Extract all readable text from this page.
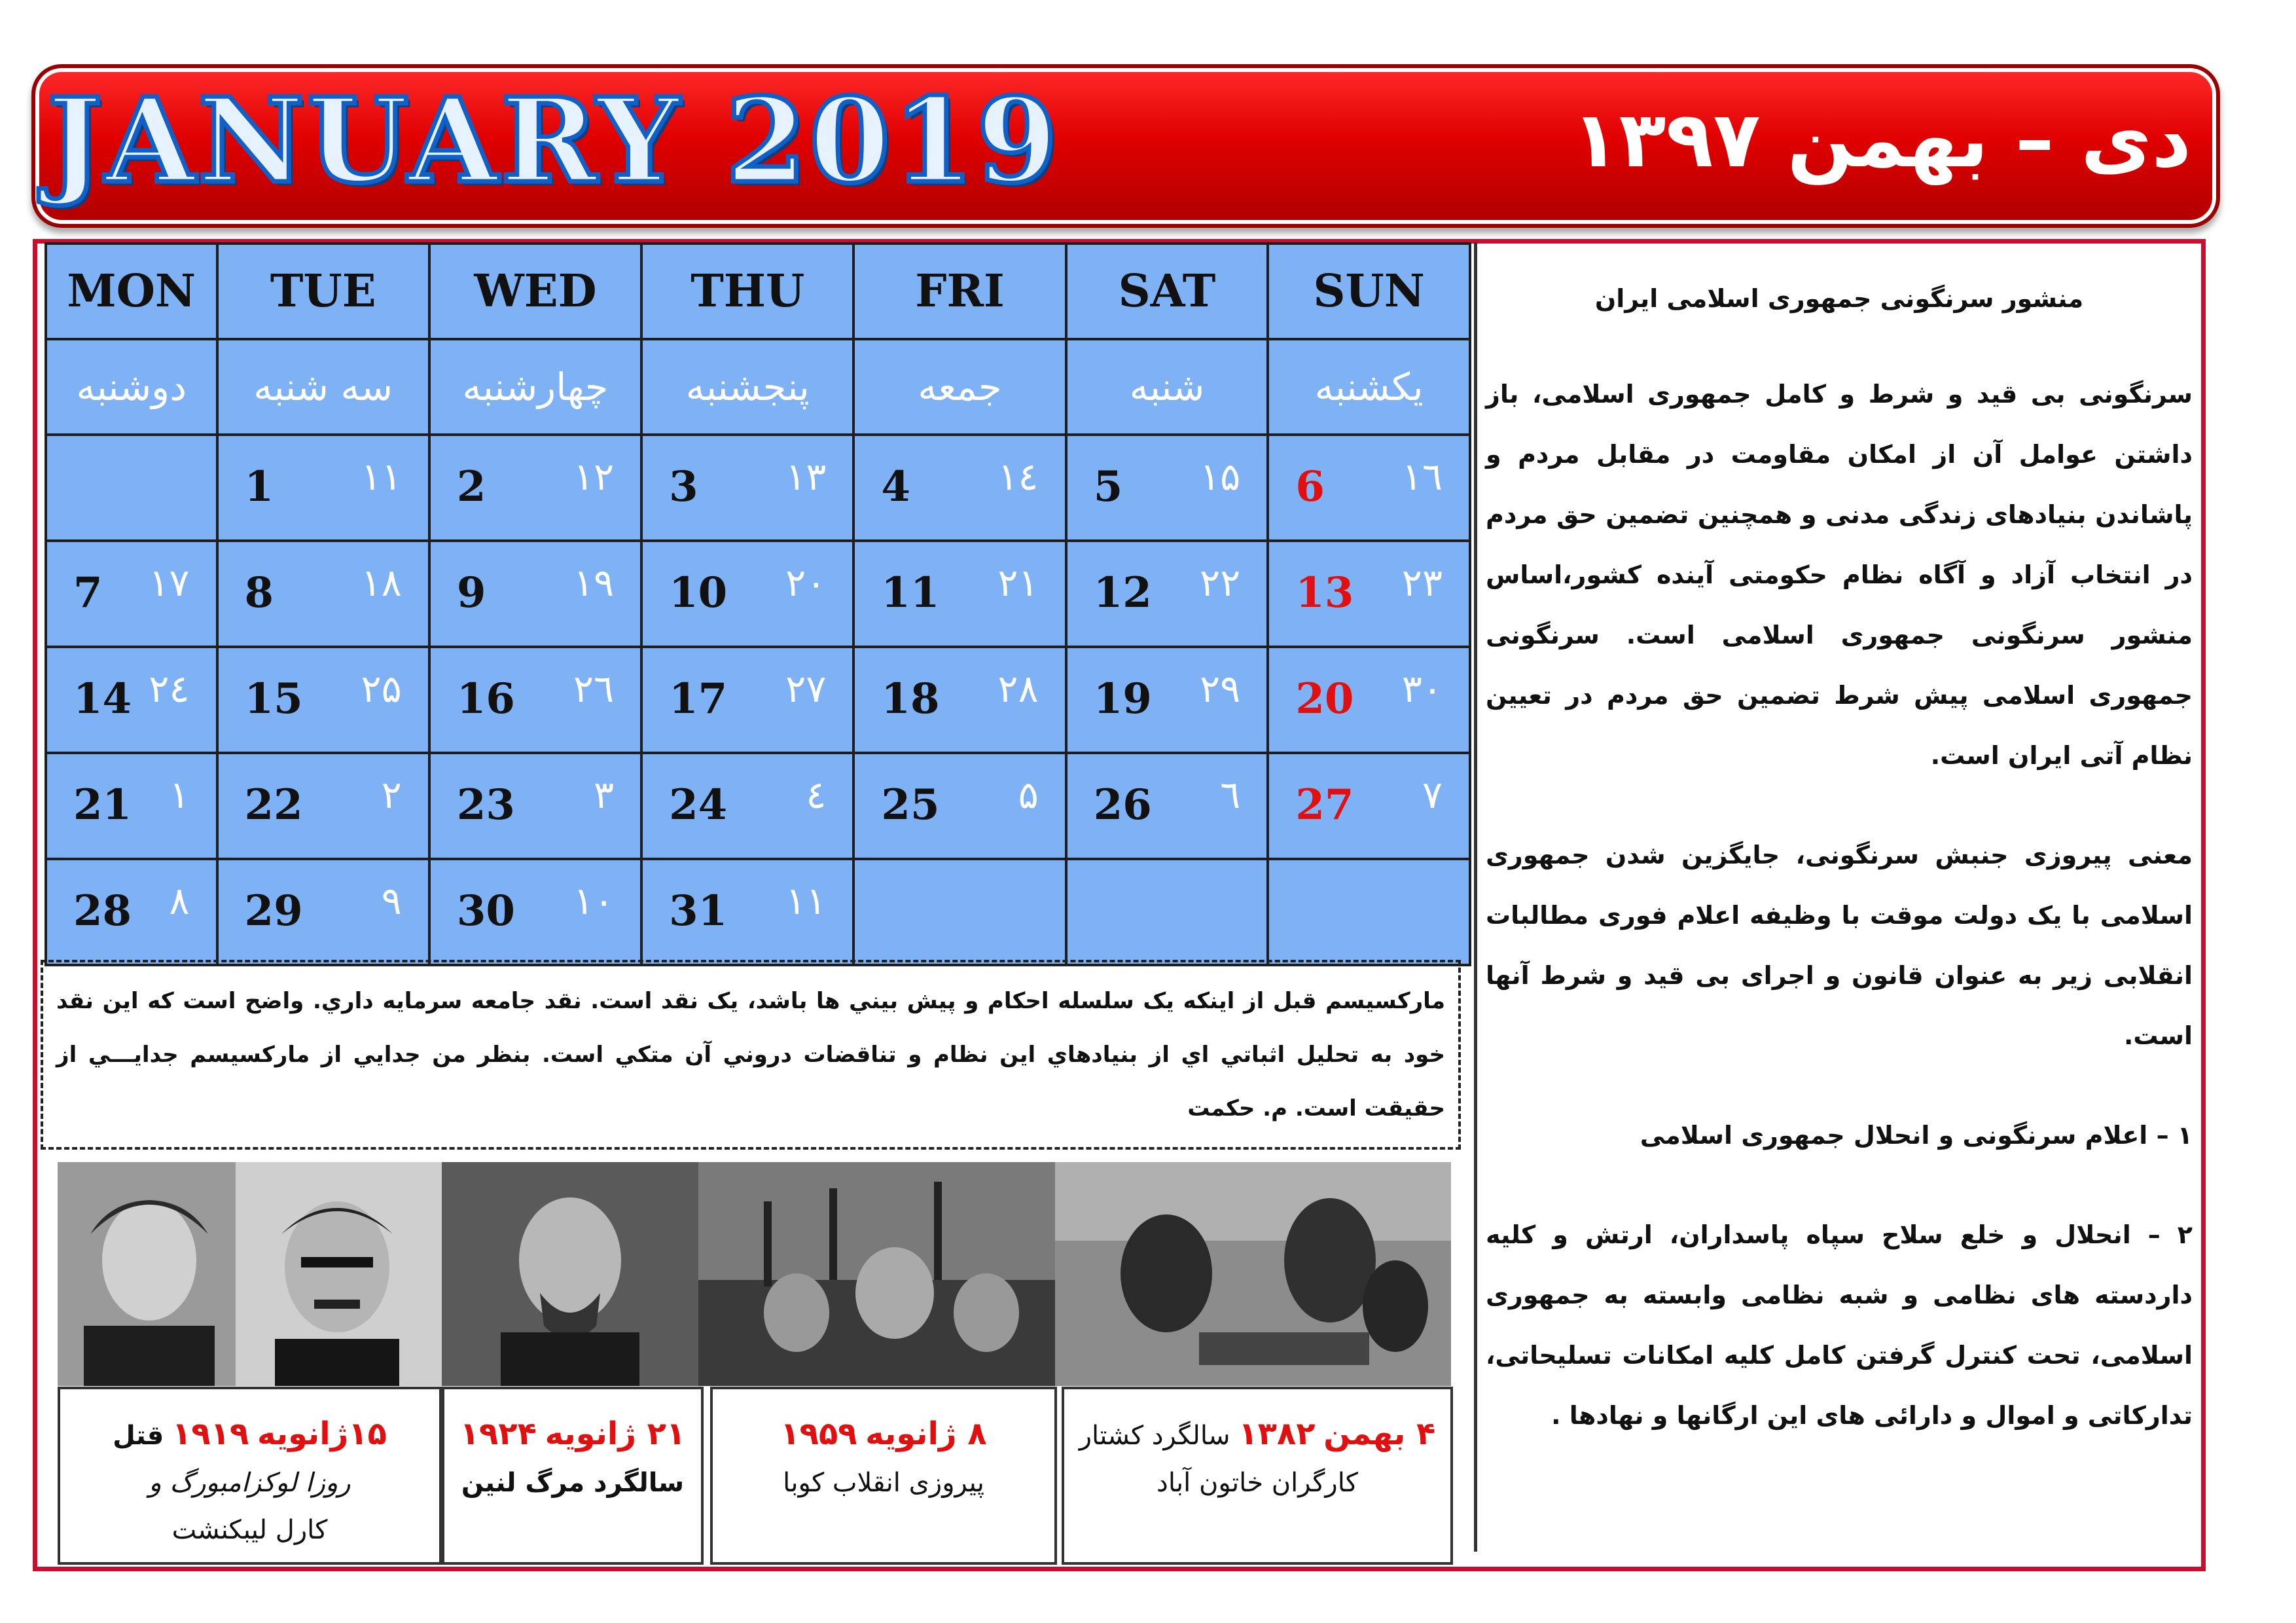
JANUARY 2019	دی – بهمن ۱۳۹۷
MON	TUE	WED	THU	FRI	SAT	SUN
دوشنبه	سه شنبه	چهارشنبه	پنجشنبه	جمعه	شنبه	یکشنبه

	1 ۱۱	2 ۱۲	3 ۱۳	4 ۱٤	5 ۱۵	6 ۱٦

7 ۱۷	8 ۱۸	9 ۱۹	10 ۲۰	11 ۲۱	12 ۲۲	13 ۲۳

14 ۲٤	15 ۲۵	16 ۲٦	17 ۲۷	18 ۲۸	19 ۲۹	20 ۳۰

21 ۱	22 ۲	23 ۳	24 ٤	25 ۵	26 ٦	27 ۷

28 ۸	29 ۹	30 ۱۰	31 ۱۱			

مارکسیسم قبل از اینکه یک سلسله احکام و پیش بيني ها باشد، یک نقد است. نقد جامعه سرمايه داري. واضح است که این نقد خود به تحلیل اثباتي اي از بنيادهاي این نظام و تناقضات دروني آن متکي است. بنظر من جدايي از مارکسیسم جدايـــي از حقیقت است. م. حکمت
منشور سرنگونی جمهوری اسلامی ایران

سرنگونی بی قید و شرط و کامل جمهوری اسلامی، باز داشتن عوامل آن از امکان مقاومت در مقابل مردم و پاشاندن بنیادهای زندگی مدنی و همچنین تضمین حق مردم در انتخاب آزاد و آگاه نظام حکومتی آینده کشور،اساس منشور سرنگونی جمهوری اسلامی است. سرنگونی جمهوری اسلامی پیش شرط تضمین حق مردم در تعیین نظام آتی ایران است.

معنی پیروزی جنبش سرنگونی، جایگزین شدن جمهوری اسلامی با یک دولت موقت با وظیفه اعلام فوری مطالبات انقلابی زیر به عنوان قانون و اجرای بی قید و شرط آنها است.

۱ – اعلام سرنگونی و انحلال جمهوری اسلامی

۲ – انحلال و خلع سلاح سپاه پاسداران، ارتش و کلیه داردسته های نظامی و شبه نظامی وابسته به جمهوری اسلامی، تحت کنترل گرفتن کامل کلیه امکانات تسلیحاتی، تدارکاتی و اموال و دارائی های این ارگانها و نهادها .

۱۵ژانویه ۱۹۱۹ قتل
روزا لوکزامبورگ و
کارل لیبکنشت
۲۱ ژانویه ۱۹۲۴
سالگرد مرگ لنین
۸ ژانویه ۱۹۵۹
پیروزی انقلاب کوبا
۴ بهمن ۱۳۸۲ سالگرد کشتار
کارگران خاتون آباد
